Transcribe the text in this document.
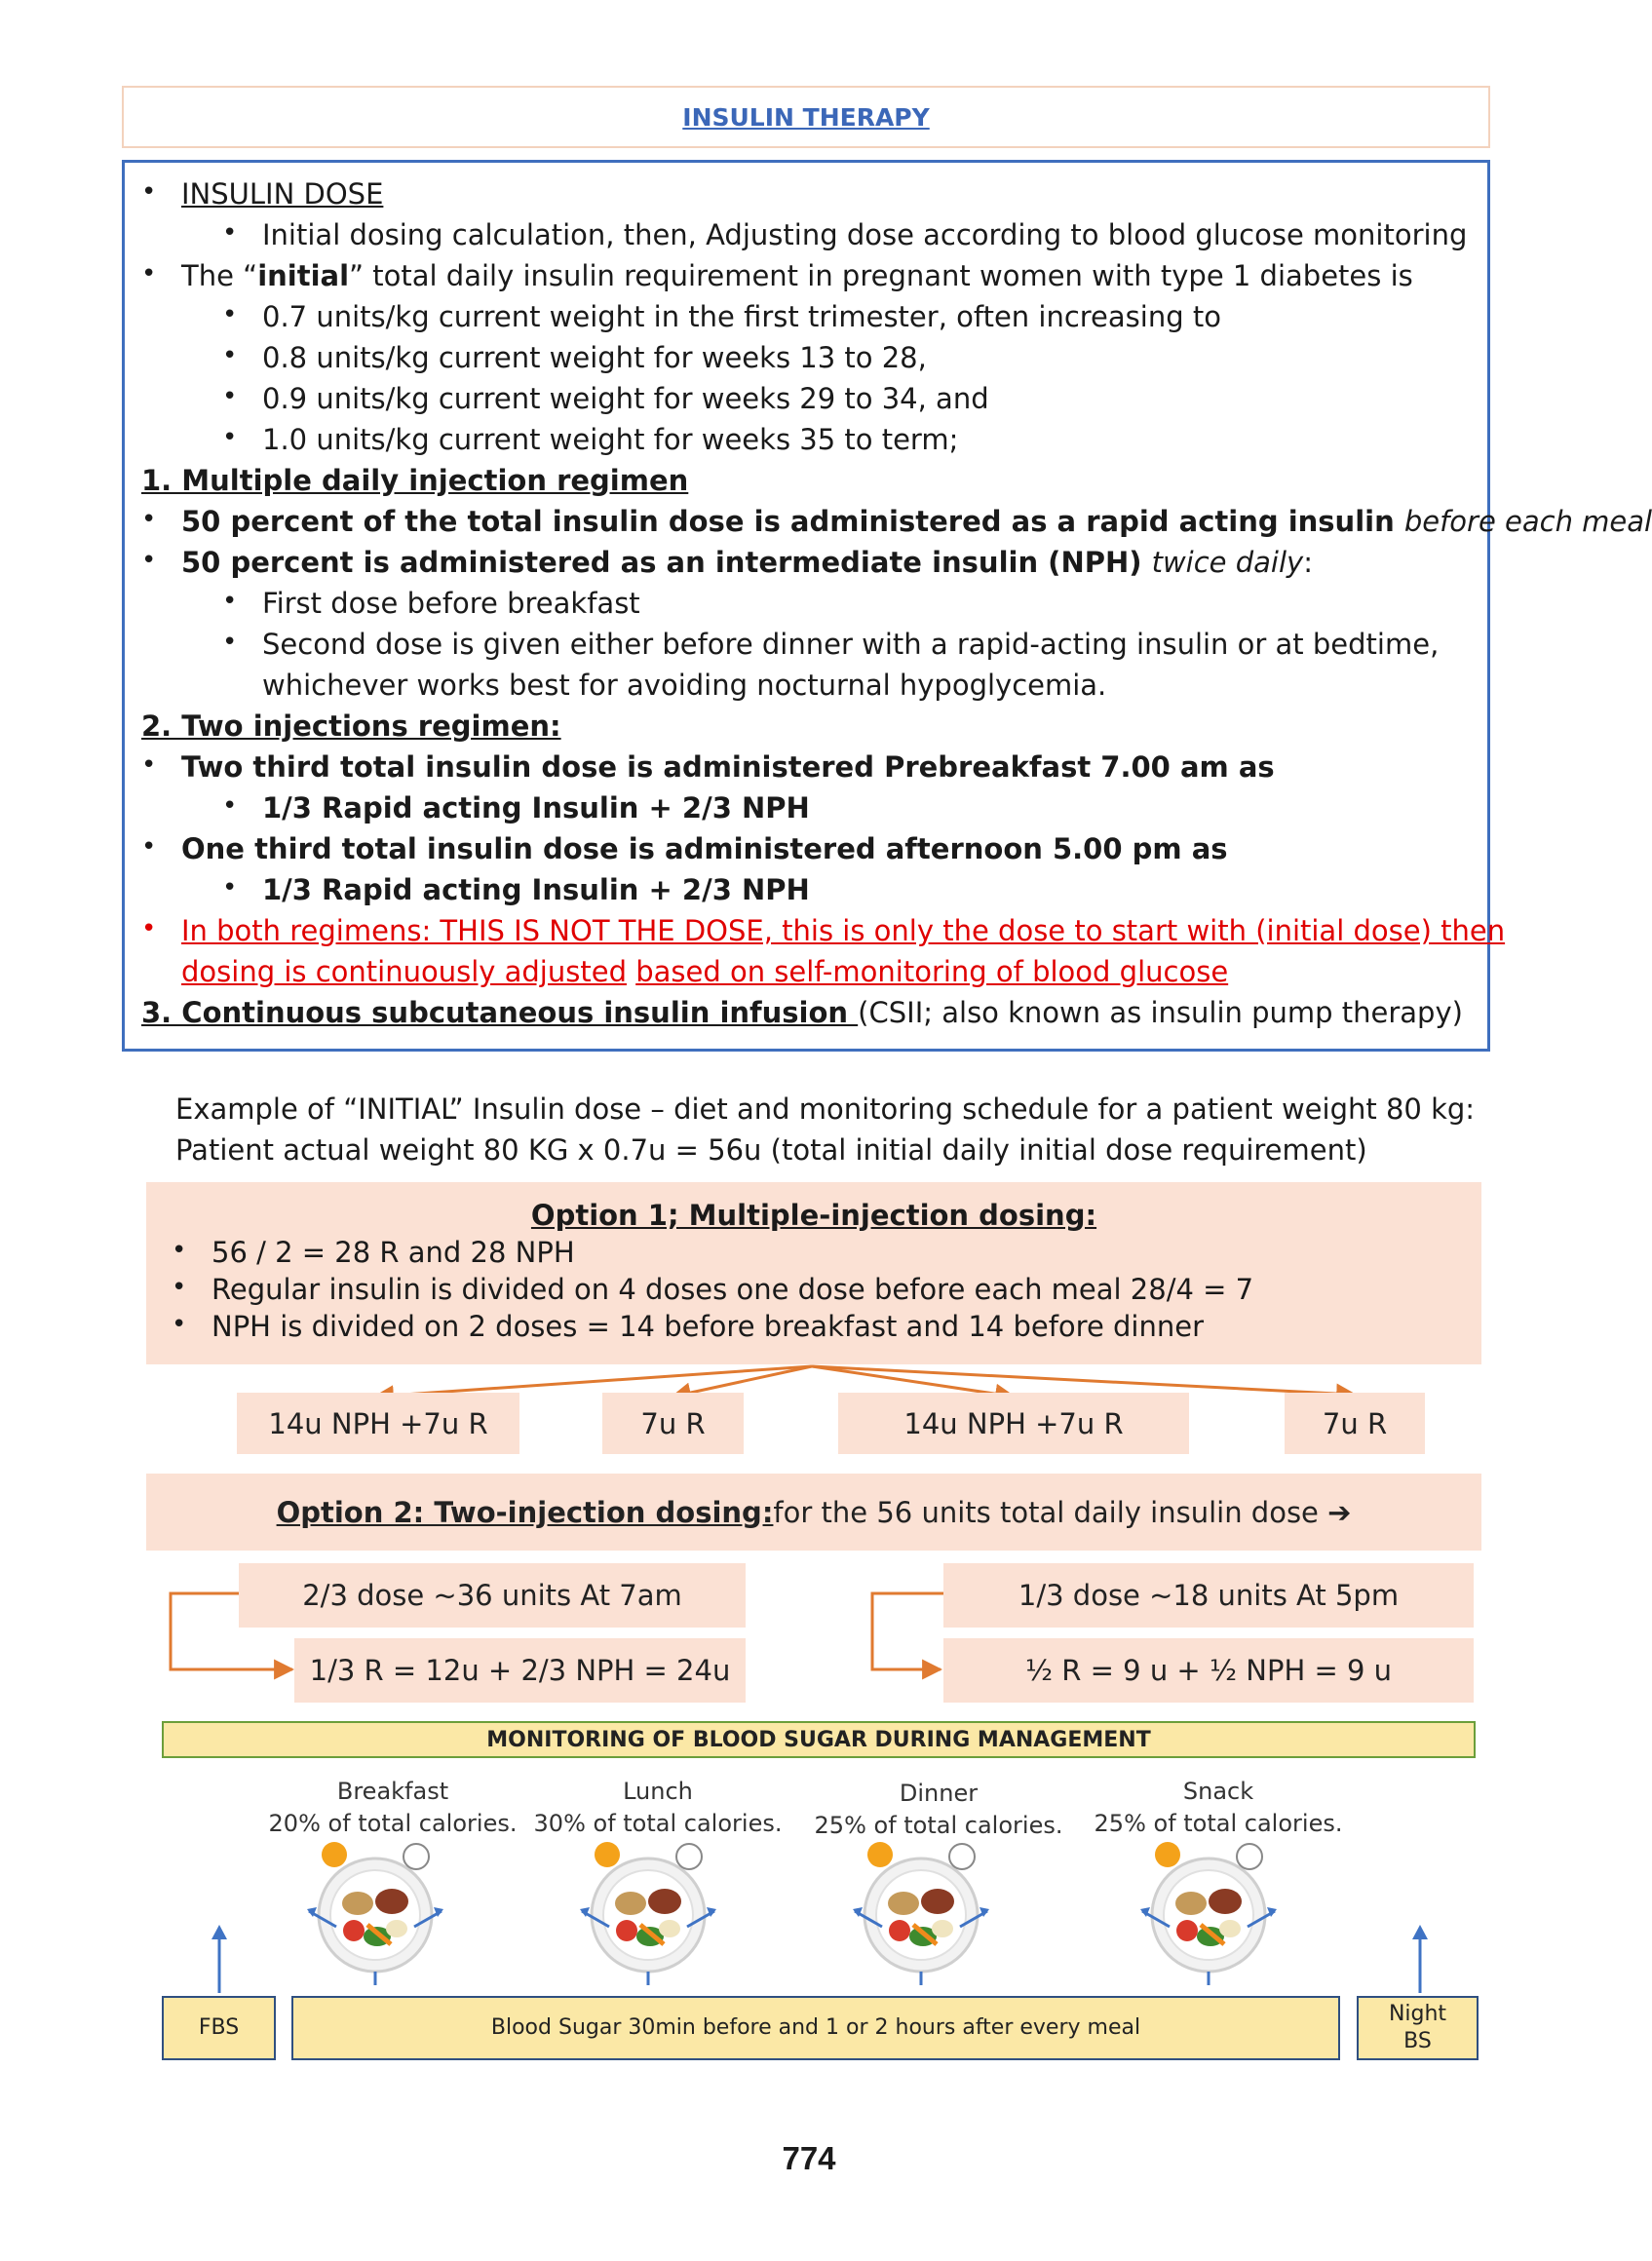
INSULIN THERAPY
• INSULIN DOSE
• Initial dosing calculation, then, Adjusting dose according to blood glucose monitoring
• The “initial” total daily insulin requirement in pregnant women with type 1 diabetes is
• 0.7 units/kg current weight in the first trimester, often increasing to
• 0.8 units/kg current weight for weeks 13 to 28,
• 0.9 units/kg current weight for weeks 29 to 34, and
• 1.0 units/kg current weight for weeks 35 to term;
1. Multiple daily injection regimen
• 50 percent of the total insulin dose is administered as a rapid acting insulin before each meal
• 50 percent is administered as an intermediate insulin (NPH) twice daily:
• First dose before breakfast
• Second dose is given either before dinner with a rapid-acting insulin or at bedtime,
whichever works best for avoiding nocturnal hypoglycemia.
2. Two injections regimen:
• Two third total insulin dose is administered Prebreakfast 7.00 am as
• 1/3 Rapid acting Insulin + 2/3 NPH
• One third total insulin dose is administered afternoon 5.00 pm as
• 1/3 Rapid acting Insulin + 2/3 NPH
• In both regimens: THIS IS NOT THE DOSE, this is only the dose to start with (initial dose) then
dosing is continuously adjusted based on self-monitoring of blood glucose
3. Continuous subcutaneous insulin infusion (CSII; also known as insulin pump therapy)
Example of “INITIAL” Insulin dose – diet and monitoring schedule for a patient weight 80 kg:
Patient actual weight 80 KG x 0.7u = 56u (total initial daily initial dose requirement)
Option 1; Multiple-injection dosing:
• 56 / 2 = 28 R and 28 NPH
• Regular insulin is divided on 4 doses one dose before each meal 28/4 = 7
• NPH is divided on 2 doses = 14 before breakfast and 14 before dinner
14u NPH +7u R	7u R	14u NPH +7u R	7u R
Option 2: Two-injection dosing: for the 56 units total daily insulin dose ➔
2/3 dose ~36 units At 7am
1/3 R = 12u + 2/3 NPH = 24u
1/3 dose ~18 units At 5pm
½ R = 9 u + ½ NPH = 9 u
MONITORING OF BLOOD SUGAR DURING MANAGEMENT
Breakfast
20% of total calories.
Lunch
30% of total calories.
Dinner
25% of total calories.
Snack
25% of total calories.
FBS	Blood Sugar 30min before and 1 or 2 hours after every meal
Night
BS
774
